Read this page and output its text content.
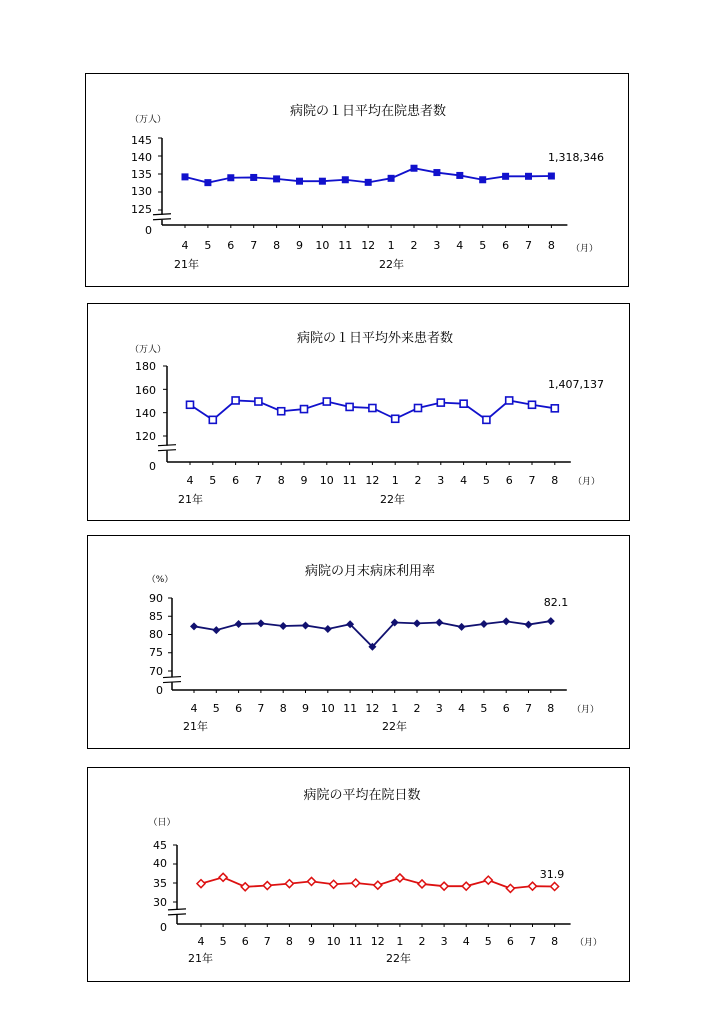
病院の１日平均在院患者数
（万人）
145
140
135
130
125
0
1,318,346
21年	22年
（月）
4 5 6 7 8 9 10 11 12 1 2 3 4 5 6 7 8
病院の１日平均外来患者数
（万人）
180
160
140
120
0
1,407,137
21年	22年
（月）
4 5 6 7 8 9 10 11 12 1 2 3 4 5 6 7 8
病院の月末病床利用率
（%）
90
85
80
75
70
0
82.1
21年	22年
（月）
4 5 6 7 8 9 10 11 12 1 2 3 4 5 6 7 8
病院の平均在院日数
（日）
45
40
35
30
0
31.9
21年	22年
（月）
4 5 6 7 8 9 10 11 12 1 2 3 4 5 6 7 8
